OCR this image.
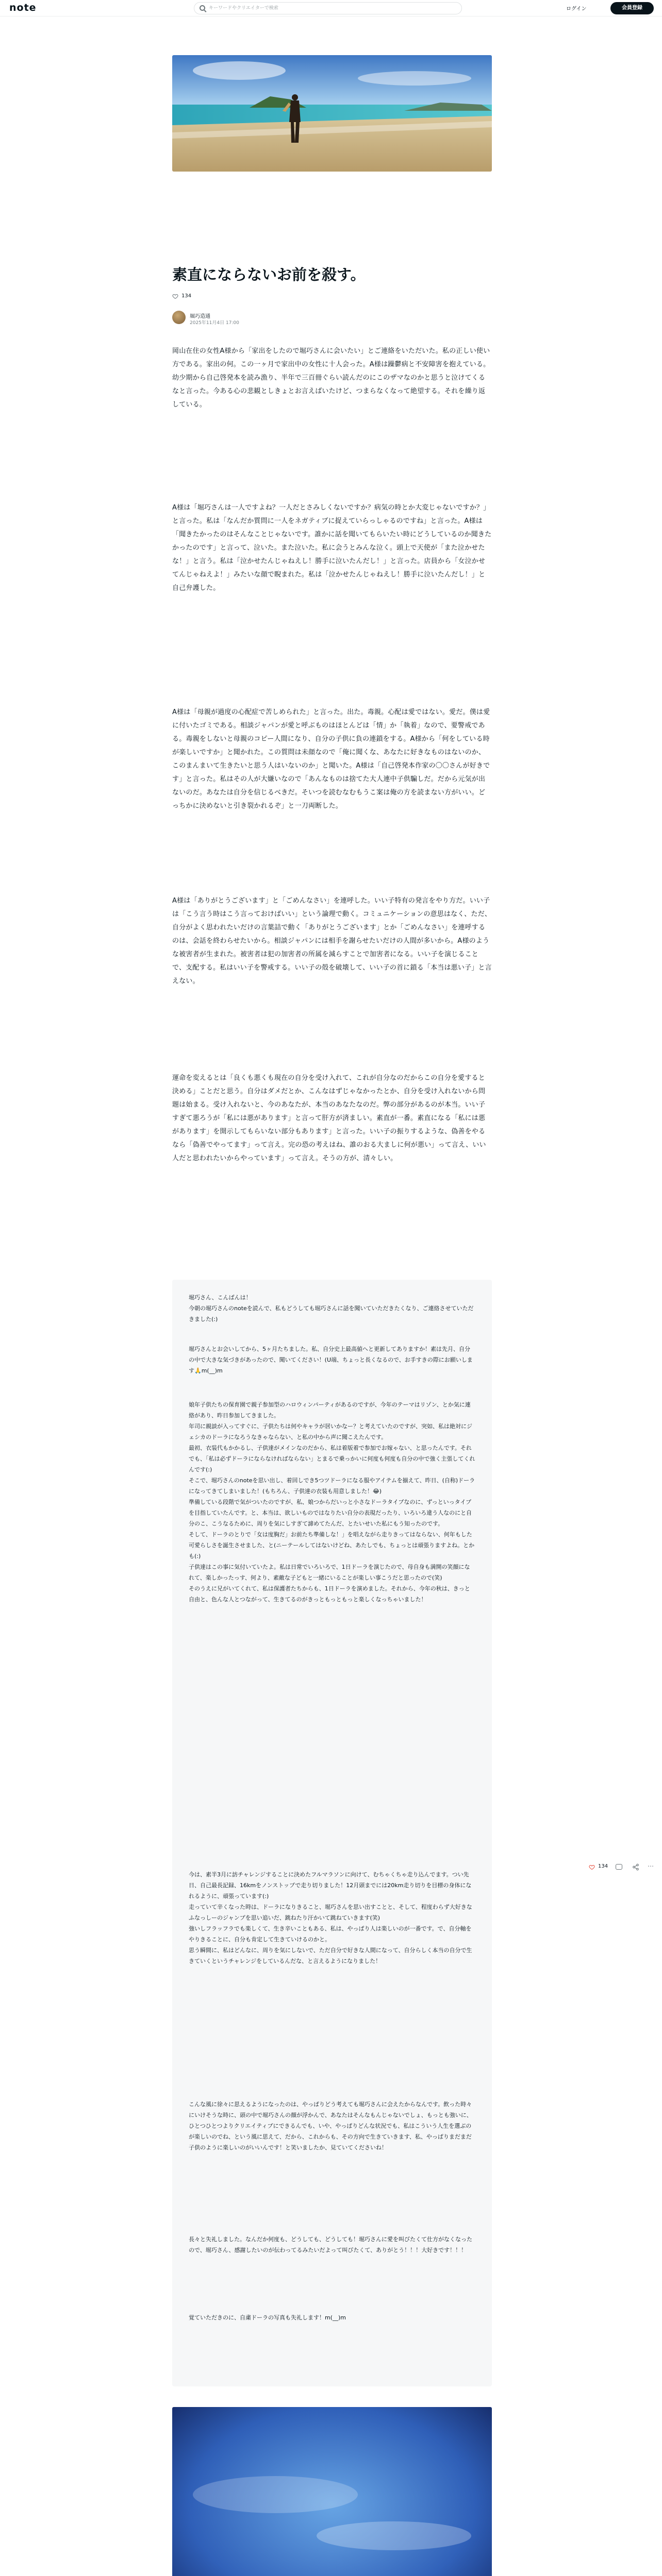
note
キーワードやクリエイターで検索	ログイン	会員登録
素直にならないお前を殺す。
134
堀巧造通
2025年11月4日 17:00

岡山在住の女性A様から「家出をしたので堀巧さんに会いたい」とご連絡をいただいた。私の正しい使い方である。家出の何。この一ヶ月で家出中の女性に十人会った。A様は躁鬱病と不安障害を抱えている。幼少期から自己啓発本を読み漁り、半年で三百冊ぐらい読んだのにこのザマなのかと思うと泣けてくるなと言った。今ある心の悲観としきょとお言えばいたけど、つまらなくなって絶望する。それを繰り返している。

A様は「堀巧さんは一人ですよね？一人だとさみしくないですか？病気の時とか大変じゃないですか？」と言った。私は「なんだか質問に一人をネガティブに捉えていらっしゃるのですね」と言った。A様は「聞きたかったのはそんなことじゃないです。誰かに話を聞いてもらいたい時にどうしているのか聞きたかったのです」と言って、泣いた。また泣いた。私に会うとみんな泣く。頭上で天使が「また泣かせたな！」と言う。私は「泣かせたんじゃねえし！勝手に泣いたんだし！」と言った。店員から「女泣かせてんじゃねえよ！」みたいな顔で睨まれた。私は「泣かせたんじゃねえし！勝手に泣いたんだし！」と自己弁護した。

A様は「母親が過度の心配症で苦しめられた」と言った。出た。毒親。心配は愛ではない。愛だ。僕は愛に付いたゴミである。相談ジャパンが愛と呼ぶものはほとんどは「情」か「執着」なので、要警戒である。毒親をしないと母親のコピー人間になり、自分の子供に負の連鎖をする。A様から「何をしている時が楽しいですか」と聞かれた。この質問は未顔なので「俺に聞くな、あなたに好きなものはないのか、このまんまいて生きたいと思う人はいないのか」と聞いた。A様は「自己啓発本作家の〇〇さんが好きです」と言った。私はその人が大嫌いなので「あんなものは捨てた大人連中子供騙しだ。だから元気が出ないのだ。あなたは自分を信じるべきだ。そいつを読むなむもうこ案は俺の方を読まない方がいい。どっちかに決めないと引き裂かれるぞ」と一刀両断した。

A様は「ありがとうございます」と「ごめんなさい」を連呼した。いい子特有の発言をやり方だ。いい子は「こう言う時はこう言っておけばいい」という論理で動く。コミュニケーションの意思はなく、ただ、自分がよく思われたいだけの言葉詰で動く「ありがとうございます」とか「ごめんなさい」を連呼するのは、会話を終わらせたいから。相談ジャパンには相手を謝らせたいだけの人間が多いから。A様のような被害者が生まれた。被害者は犯の加害者の所属を減らすことで加害者になる。いい子を演じることで、支配する。私はいい子を警戒する。いい子の殻を破壊して、いい子の首に鎖る「本当は悪い子」と言えない。

運命を変えるとは「良くも悪くも現在の自分を受け入れて、これが自分なのだからこの自分を愛すると決める」ことだと思う。自分はダメだとか、こんなはずじゃなかったとか、自分を受け入れないから問題は始まる。受け入れないと、今のあなたが、本当のあなたなのだ。弊の部分があるのが本当。いい子すぎて悪ろうが「私には悪があります」と言って肝方が済ましい。素直が一番。素直になる「私には悪があります」を開示してもらいない部分もあります」と言った。いい子の振りするような、偽善をやるなら「偽善でやってます」って言え。完の恐の考えはね、誰のおる大ましに何が悪い」って言え、いい人だと思われたいからやっています」って言え。そうの方が、清々しい。

堀巧さん、こんばんは！
今朝の堀巧さんのnoteを読んで、私もどうしても堀巧さんに話を聞いていただきたくなり、ご連絡させていただきました(:)

堀巧さんとお会いしてから、5ヶ月たちました。私、自分史上最高値へと更新してありますか！素は先月、自分の中で大きな気づきがあったので、聞いてください！(U端、ちょっと長くなるので、お手すきの際にお願いします🙏m(__)m

娘年子供たちの保育園で親子参加型のハロウィンパーティがあるのですが、今年のテーマはリゾン、とか気に連絡があり、昨日参加してきました。
年司に親談が入ってすぐに、子供たちは何やキャラが居いかなー？と考えていたのですが、突如、私は絶対にジェシカのドーラになろうなきゃならない、と私の中から声に聞こえたんです。
最初、衣装代もかかるし、子供達がメインなのだから、私は着版着で参加でお嫁ゃない、と思ったんです。それでも、「私は必ずドーラにならなければならない」とまるで乗っかいに何度も何度も自分の中で強く主張してくれんです(:)
そこで、堀巧さんのnoteを思い出し、着回しでき5つツドーラになる服やアイテムを揃えて、昨日、(自称)ドーラになってきてしまいました！(もちろん、子供達の衣装も用意しました！😂)
準備している段階で気がついたのですが、私、娘つからだいっと小さなドーラタイプなのに、ずっといっタイプを目指していたんです。と、本当は、欲しいものではなりたい自分の表現だったり、いろいろ違う人なのにと自分のこ、こうなるために、周りを気にしすぎて諦めてたんだ、とたいせいた私にもう知ったのです。
そして、ドーラのとりで「女は度胸だ」お前たち準備しな！」を唱えながら走りきってはならない、何年もした可愛らしさを誕生させました、と(ニーテールしてはないけどね、あたしでも、ちょっとは頑張りますよね。とかも(:)
子供達はこの事に気付いていたよ。私は日常でいろいろで、1日ドーラを演じたので、母自身も満開の笑顔になれて、楽しかったっす、何より、素敵な子どもと一緒にいることが楽しい事こうだと思ったので(笑)
そのうえに兄がいてくれて、私は保護者たちからも、1日ドーラを演めました。それから、今年の秋は、きっと自由と、色んな人とつながって、生きてるのがきっともっともっと楽しくなっちゃいました！

今は、素半3月に訪チャレンジすることに決めたフルマラソンに向けて、むちゃくちゃ走り込んでます。つい先日、自己最長記録、16kmをノンストップで走り切りました！12月頭までには20km走り切りを目標の身体になれるように、頑張っています(:)
走っていて辛くなった時は、ドーラになりきること、堀巧さんを思い出すことと、そして、程度わらず大好きなふなっしーのジャンプを思い追いだ、跳ねたり汗かいて跳ねていきます(笑)
強いしフラッフラでも楽しくて、生き辛いこともある、私は、やっぱり人は楽しいのが一番です。で、自分軸をやりきることに、自分も肯定して生きていけるのかと。
思う瞬間に、私はどんなに、周りを気にしないで、ただ自分で好きな人間になって、自分らしく本当の自分で生きていくというチャレンジをしているんだな、と言えるようになりました！

こんな風に徐々に思えるようになったのは、やっぱりどう考えても堀巧さんに会えたからなんです。飲った時々にいけそうな時に、頭の中で堀巧さんの顔が浮かんで、あなたはそんなもんじゃないでしょ、もっとも強いに、ひとつひとつよりクリエイティブにできるんでも、いや、やっぱりどんな状況でも、私はこういう人生を選ぶのが楽しいのでね、という風に思えて、だから、これからも、その方向で生きていきます、私、やっぱりまだまだ子供のように楽しいのがいいんです！と笑いましたか、見ていてくださいね！

長々と失礼しました。なんだか何度も、どうしても、どうしても！堀巧さんに愛を叫びたくて仕方がなくなったので、堀巧さん、感謝したいのが伝わってるみたいだよって叫びたくて、ありがとう！！！大好きです！！！

覚ていただきのに、自粛ドーラの写真も失礼します！m(__)m

134	⋯
